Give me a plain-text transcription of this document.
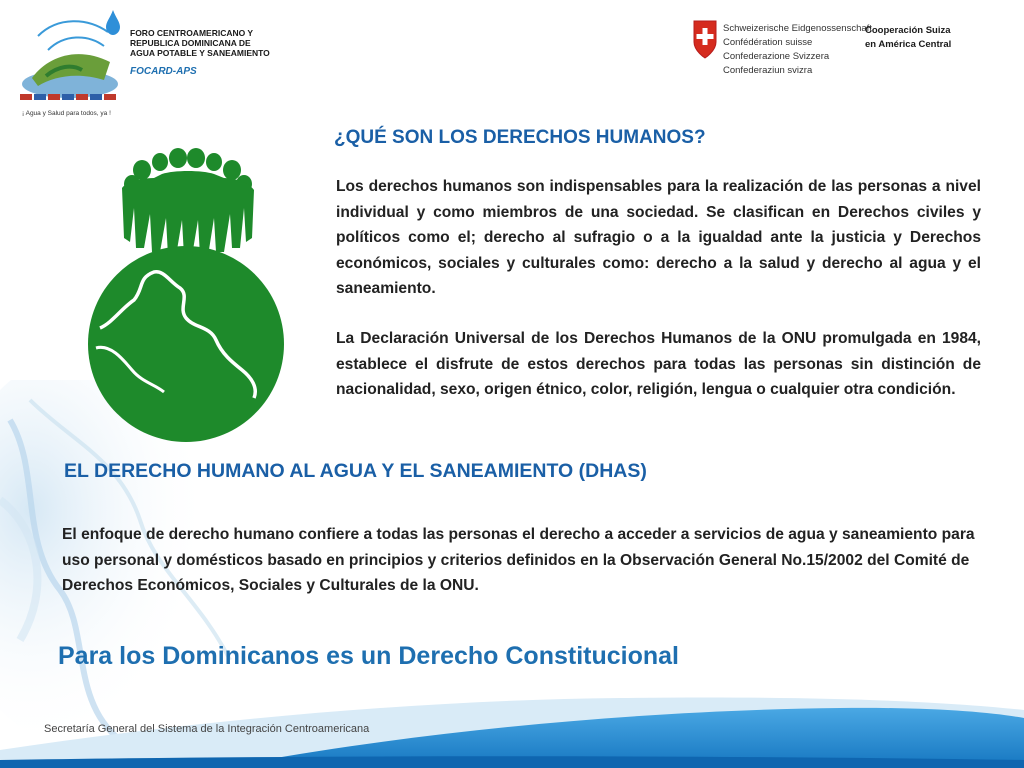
FORO CENTROAMERICANO Y
REPUBLICA DOMINICANA DE
AGUA POTABLE Y SANEAMIENTO
FOCARD-APS
¡ Agua y Salud para todos, ya !
Schweizerische Eidgenossenschaft
Confédération suisse
Confederazione Svizzera
Confederaziun svizra
Cooperación Suiza
en América Central
¿QUÉ SON LOS DERECHOS HUMANOS?

Los derechos humanos son indispensables para la realización de las personas a nivel individual y como miembros de una sociedad. Se clasifican en Derechos civiles y políticos como el; derecho al sufragio o a la igualdad ante la justicia y Derechos económicos, sociales y culturales como: derecho a la salud y derecho al agua y el saneamiento.

La Declaración Universal de los Derechos Humanos de la ONU promulgada en 1984, establece el disfrute de estos derechos para todas las personas sin distinción de nacionalidad, sexo, origen étnico, color, religión, lengua o cualquier otra condición.

EL DERECHO HUMANO AL AGUA Y EL SANEAMIENTO (DHAS)

El enfoque de derecho humano confiere a todas las personas el derecho a acceder a servicios de agua y saneamiento para uso personal y domésticos basado en principios y criterios definidos en la Observación General No.15/2002 del Comité de Derechos Económicos, Sociales y Culturales de la ONU.

Para los Dominicanos es un Derecho Constitucional

Secretaría General del Sistema de la Integración Centroamericana
